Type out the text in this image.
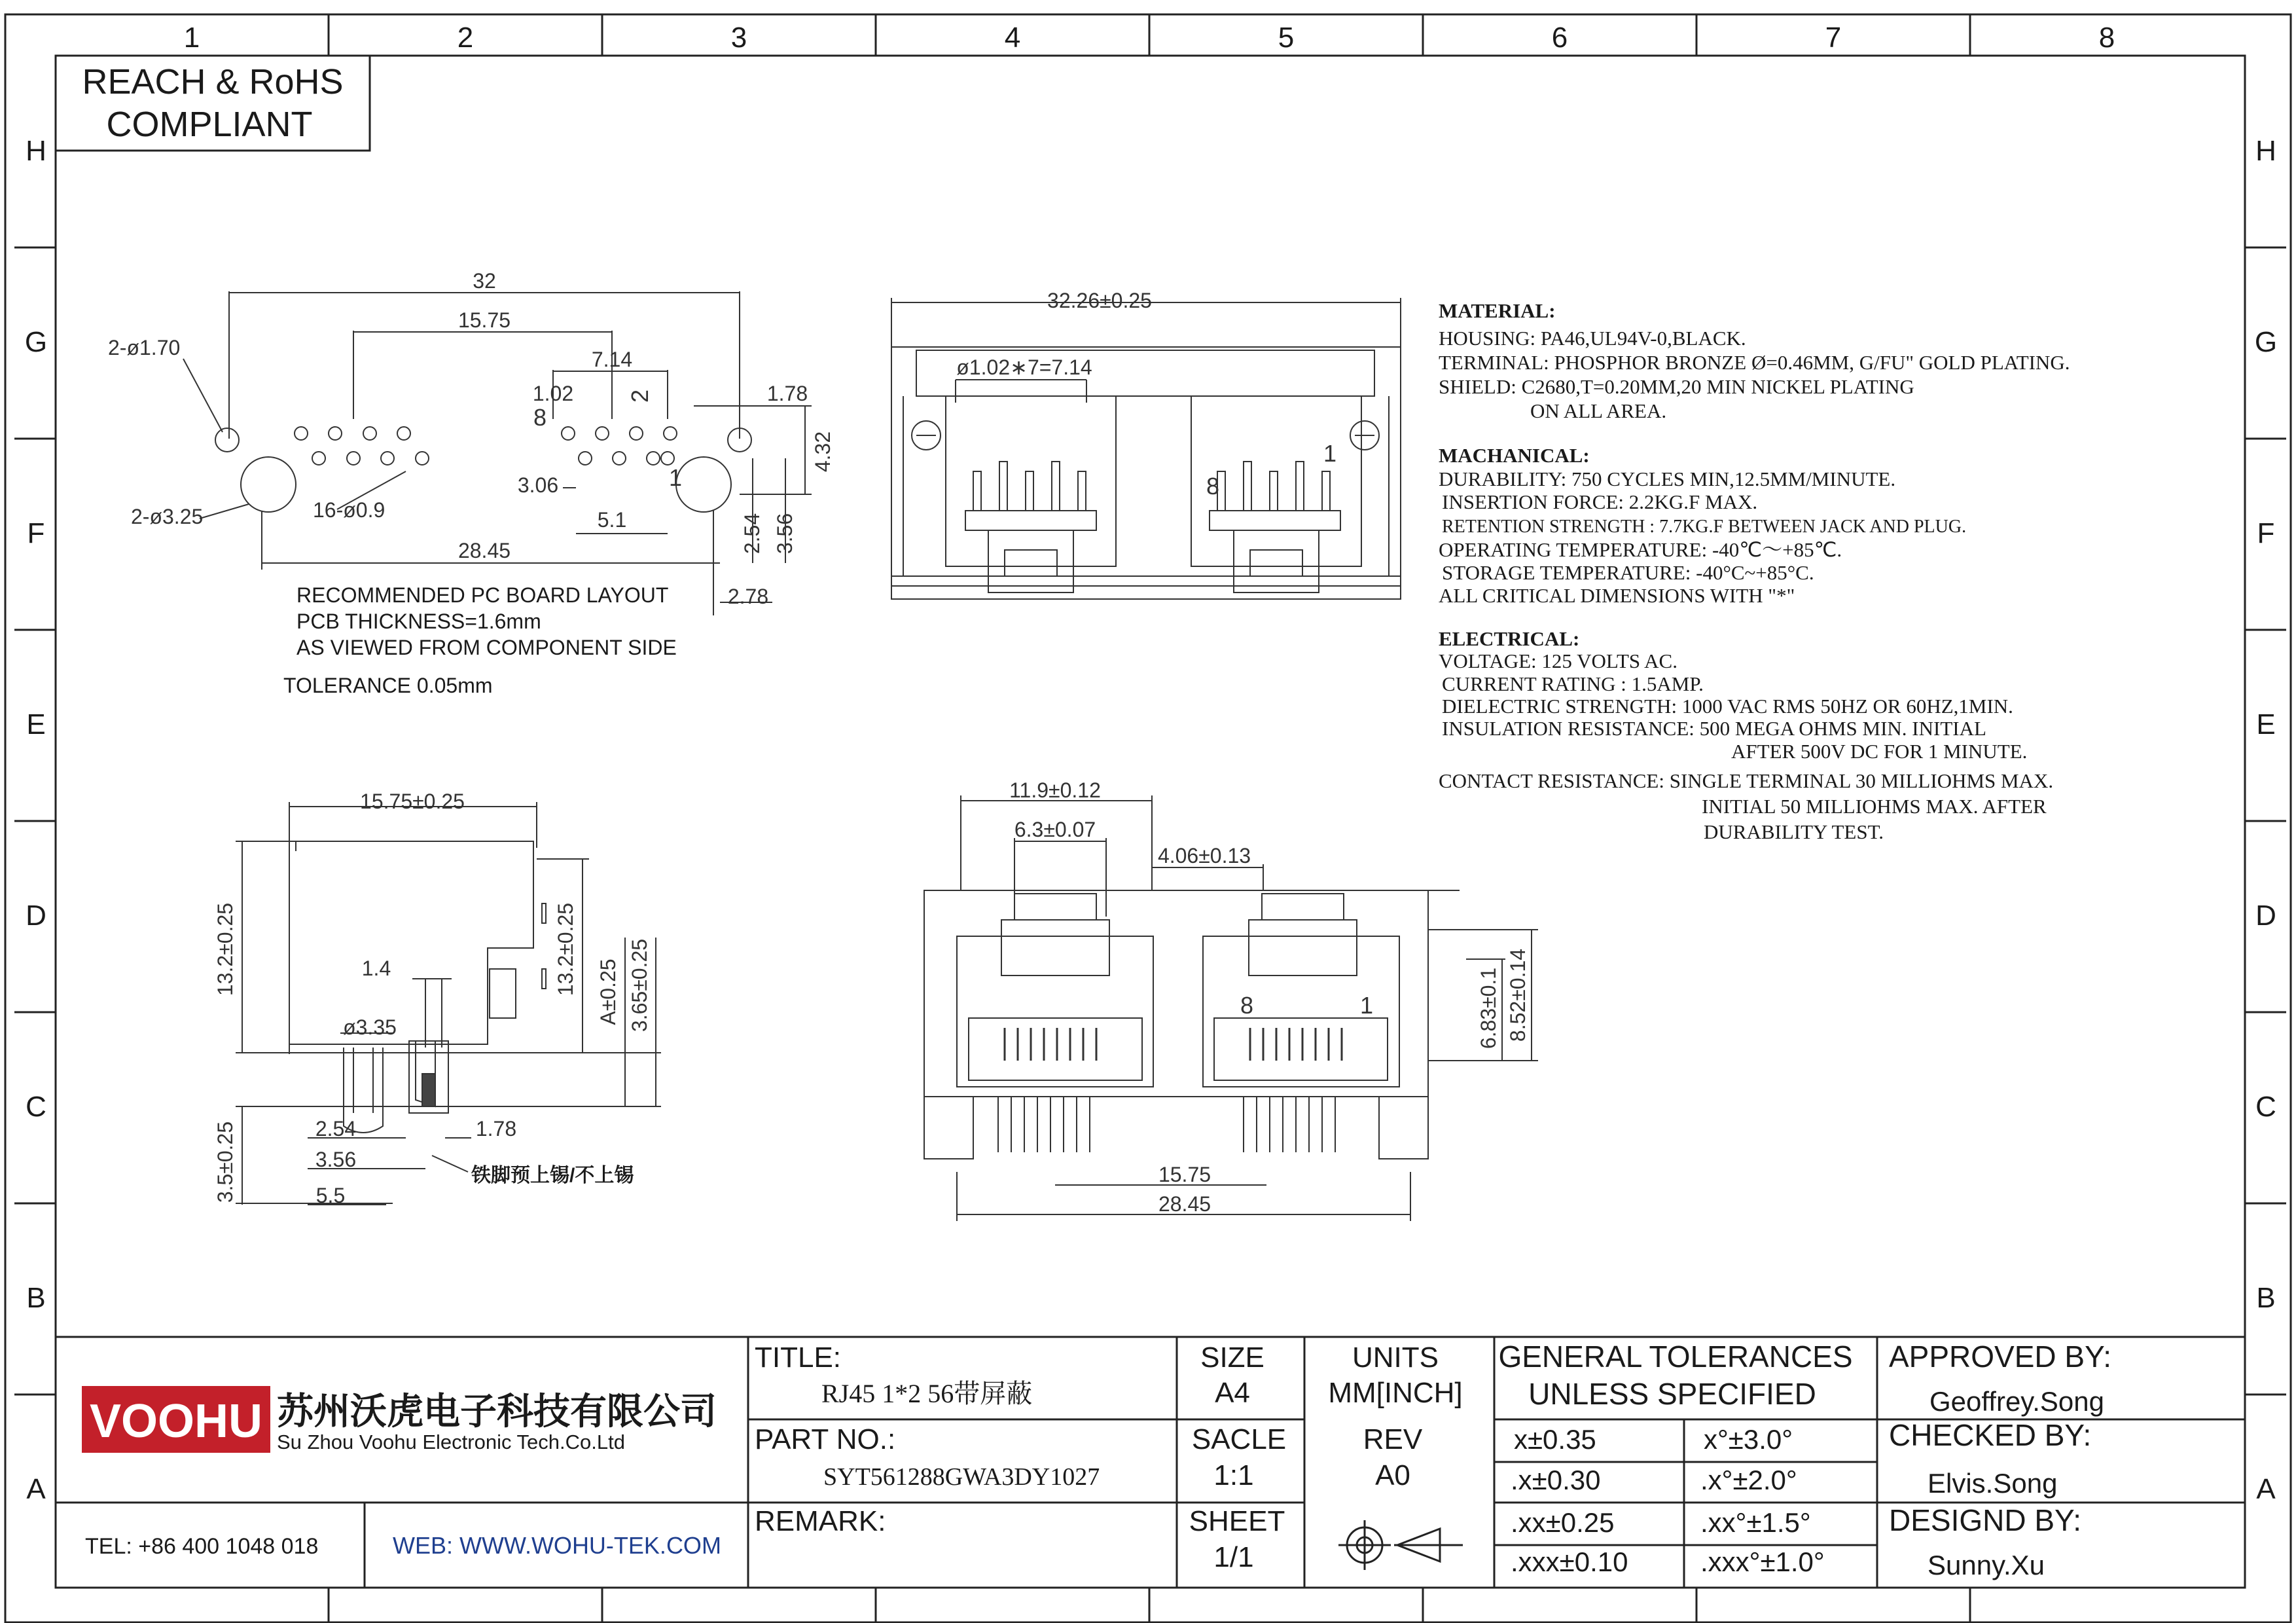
1	2	3	4	5	6	7	8
H
G
F
E
D
C
B
A
H
G
F
E
D
C
B
A
REACH & RoHS
COMPLIANT
32
15.75
7.14
1.02	1.78
4.32
3.06
5.1	2.54 3.56
28.45
2.78
2-ø1.70
2-ø3.25	16-ø0.9
8
2
1
RECOMMENDED PC BOARD LAYOUT
PCB THICKNESS=1.6mm
AS VIEWED FROM COMPONENT SIDE
TOLERANCE 0.05mm
32.26±0.25
ø1.02∗7=7.14
8
1
MATERIAL:
HOUSING: PA46,UL94V-0,BLACK.
TERMINAL: PHOSPHOR BRONZE Ø=0.46MM, G/FU" GOLD PLATING.
SHIELD: C2680,T=0.20MM,20 MIN NICKEL PLATING
ON ALL AREA.
MACHANICAL:
DURABILITY: 750 CYCLES MIN,12.5MM/MINUTE.
INSERTION FORCE: 2.2KG.F MAX.
RETENTION STRENGTH : 7.7KG.F BETWEEN JACK AND PLUG.
OPERATING TEMPERATURE: -40℃～+85℃.
STORAGE TEMPERATURE: -40°C~+85°C.
ALL CRITICAL DIMENSIONS WITH "*"
ELECTRICAL:
VOLTAGE: 125 VOLTS AC.
CURRENT RATING : 1.5AMP.
DIELECTRIC STRENGTH: 1000 VAC RMS 50HZ OR 60HZ,1MIN.
INSULATION RESISTANCE: 500 MEGA OHMS MIN. INITIAL
AFTER 500V DC FOR 1 MINUTE.
CONTACT RESISTANCE: SINGLE TERMINAL 30 MILLIOHMS MAX.
INITIAL 50 MILLIOHMS MAX. AFTER
DURABILITY TEST.
15.75±0.25
13.2±0.25	13.2±0.25 A±0.25 3.65±0.25
1.4
ø3.35
2.54
3.56
5.5
1.78
3.5±0.25	铁脚预上锡/不上锡
11.9±0.12
6.3±0.07
4.06±0.13
6.83±0.1 8.52±0.14
15.75
28.45
8	1
VOOHU 苏州沃虎电子科技有限公司
Su Zhou Voohu Electronic Tech.Co.Ltd
TEL: +86 400 1048 018	WEB: WWW.WOHU-TEK.COM
TITLE:
RJ45 1*2 56带屏蔽
PART NO.:
SYT561288GWA3DY1027
REMARK:
SIZE
A4
UNITS
MM[INCH]
SACLE
1:1
REV
A0
SHEET
1/1
GENERAL TOLERANCES
UNLESS SPECIFIED
x±0.35	x°±3.0°
.x±0.30	.x°±2.0°
.xx±0.25	.xx°±1.5°
.xxx±0.10	.xxx°±1.0°
APPROVED BY:
Geoffrey.Song
CHECKED BY:
Elvis.Song
DESIGND BY:
Sunny.Xu
